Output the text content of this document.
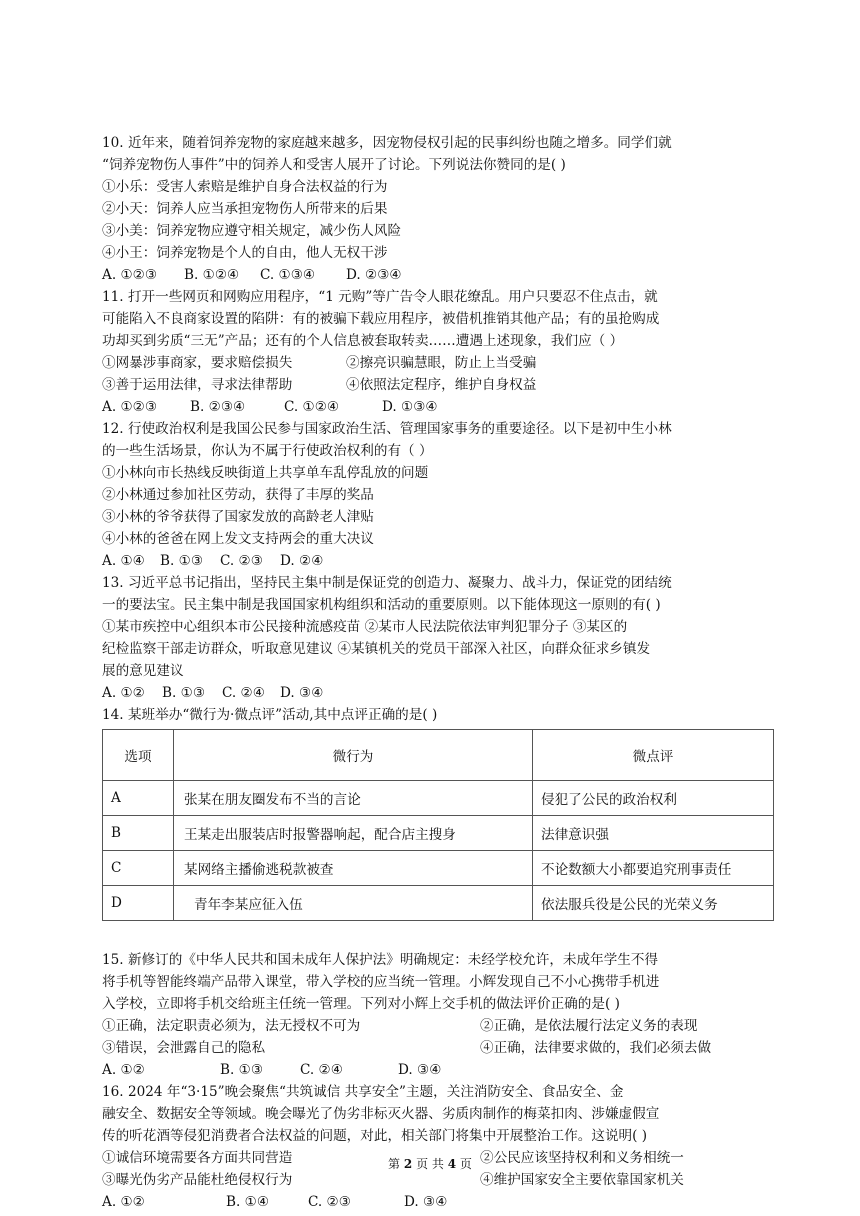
10. 近年来，随着饲养宠物的家庭越来越多，因宠物侵权引起的民事纠纷也随之增多。同学们就
“饲养宠物伤人事件”中的饲养人和受害人展开了讨论。下列说法你赞同的是( )
①小乐：受害人索赔是维护自身合法权益的行为
②小天：饲养人应当承担宠物伤人所带来的后果
③小美：饲养宠物应遵守相关规定，减少伤人风险
④小王：饲养宠物是个人的自由，他人无权干涉
A. ①②③	B. ①②④	C. ①③④	D. ②③④
11. 打开一些网页和网购应用程序，“1 元购”等广告令人眼花缭乱。用户只要忍不住点击，就
可能陷入不良商家设置的陷阱：有的被骗下载应用程序，被借机推销其他产品；有的虽抢购成
功却买到劣质“三无”产品；还有的个人信息被套取转卖……遭遇上述现象，我们应（ ）
①网暴涉事商家，要求赔偿损失	②擦亮识骗慧眼，防止上当受骗
③善于运用法律，寻求法律帮助	④依照法定程序，维护自身权益
A. ①②③	B. ②③④	C. ①②④	D. ①③④
12. 行使政治权利是我国公民参与国家政治生活、管理国家事务的重要途径。以下是初中生小林
的一些生活场景，你认为不属于行使政治权利的有（ ）
①小林向市长热线反映街道上共享单车乱停乱放的问题
②小林通过参加社区劳动，获得了丰厚的奖品
③小林的爷爷获得了国家发放的高龄老人津贴
④小林的爸爸在网上发文支持两会的重大决议
A. ①④	B. ①③	C. ②③	D. ②④
13. 习近平总书记指出，坚持民主集中制是保证党的创造力、凝聚力、战斗力，保证党的团结统
一的要法宝。民主集中制是我国国家机构组织和活动的重要原则。以下能体现这一原则的有( )
①某市疾控中心组织本市公民接种流感疫苗 ②某市人民法院依法审判犯罪分子 ③某区的
纪检监察干部走访群众，听取意见建议 ④某镇机关的党员干部深入社区，向群众征求乡镇发
展的意见建议
A. ①②	B. ①③	C. ②④	D. ③④
14. 某班举办“微行为·微点评”活动,其中点评正确的是( )
选项	微行为	微点评
A	张某在朋友圈发布不当的言论	侵犯了公民的政治权利
B	王某走出服装店时报警器响起，配合店主搜身	法律意识强
C	某网络主播偷逃税款被查	不论数额大小都要追究刑事责任
D	青年李某应征入伍	依法服兵役是公民的光荣义务
15. 新修订的《中华人民共和国未成年人保护法》明确规定：未经学校允许，未成年学生不得
将手机等智能终端产品带入课堂，带入学校的应当统一管理。小辉发现自己不小心携带手机进
入学校，立即将手机交给班主任统一管理。下列对小辉上交手机的做法评价正确的是( )
①正确，法定职责必须为，法无授权不可为	②正确，是依法履行法定义务的表现
③错误，会泄露自己的隐私	④正确，法律要求做的，我们必须去做
A. ①②	B. ①③	C. ②④	D. ③④
16. 2024 年“3·15”晚会聚焦“共筑诚信 共享安全”主题，关注消防安全、食品安全、金
融安全、数据安全等领域。晚会曝光了伪劣非标灭火器、劣质肉制作的梅菜扣肉、涉嫌虚假宣
传的听花酒等侵犯消费者合法权益的问题，对此，相关部门将集中开展整治工作。这说明( )
①诚信环境需要各方面共同营造	②公民应该坚持权利和义务相统一
③曝光伪劣产品能杜绝侵权行为	④维护国家安全主要依靠国家机关
A. ①②	B. ①④	C. ②③	D. ③④
第 2 页 共 4 页
